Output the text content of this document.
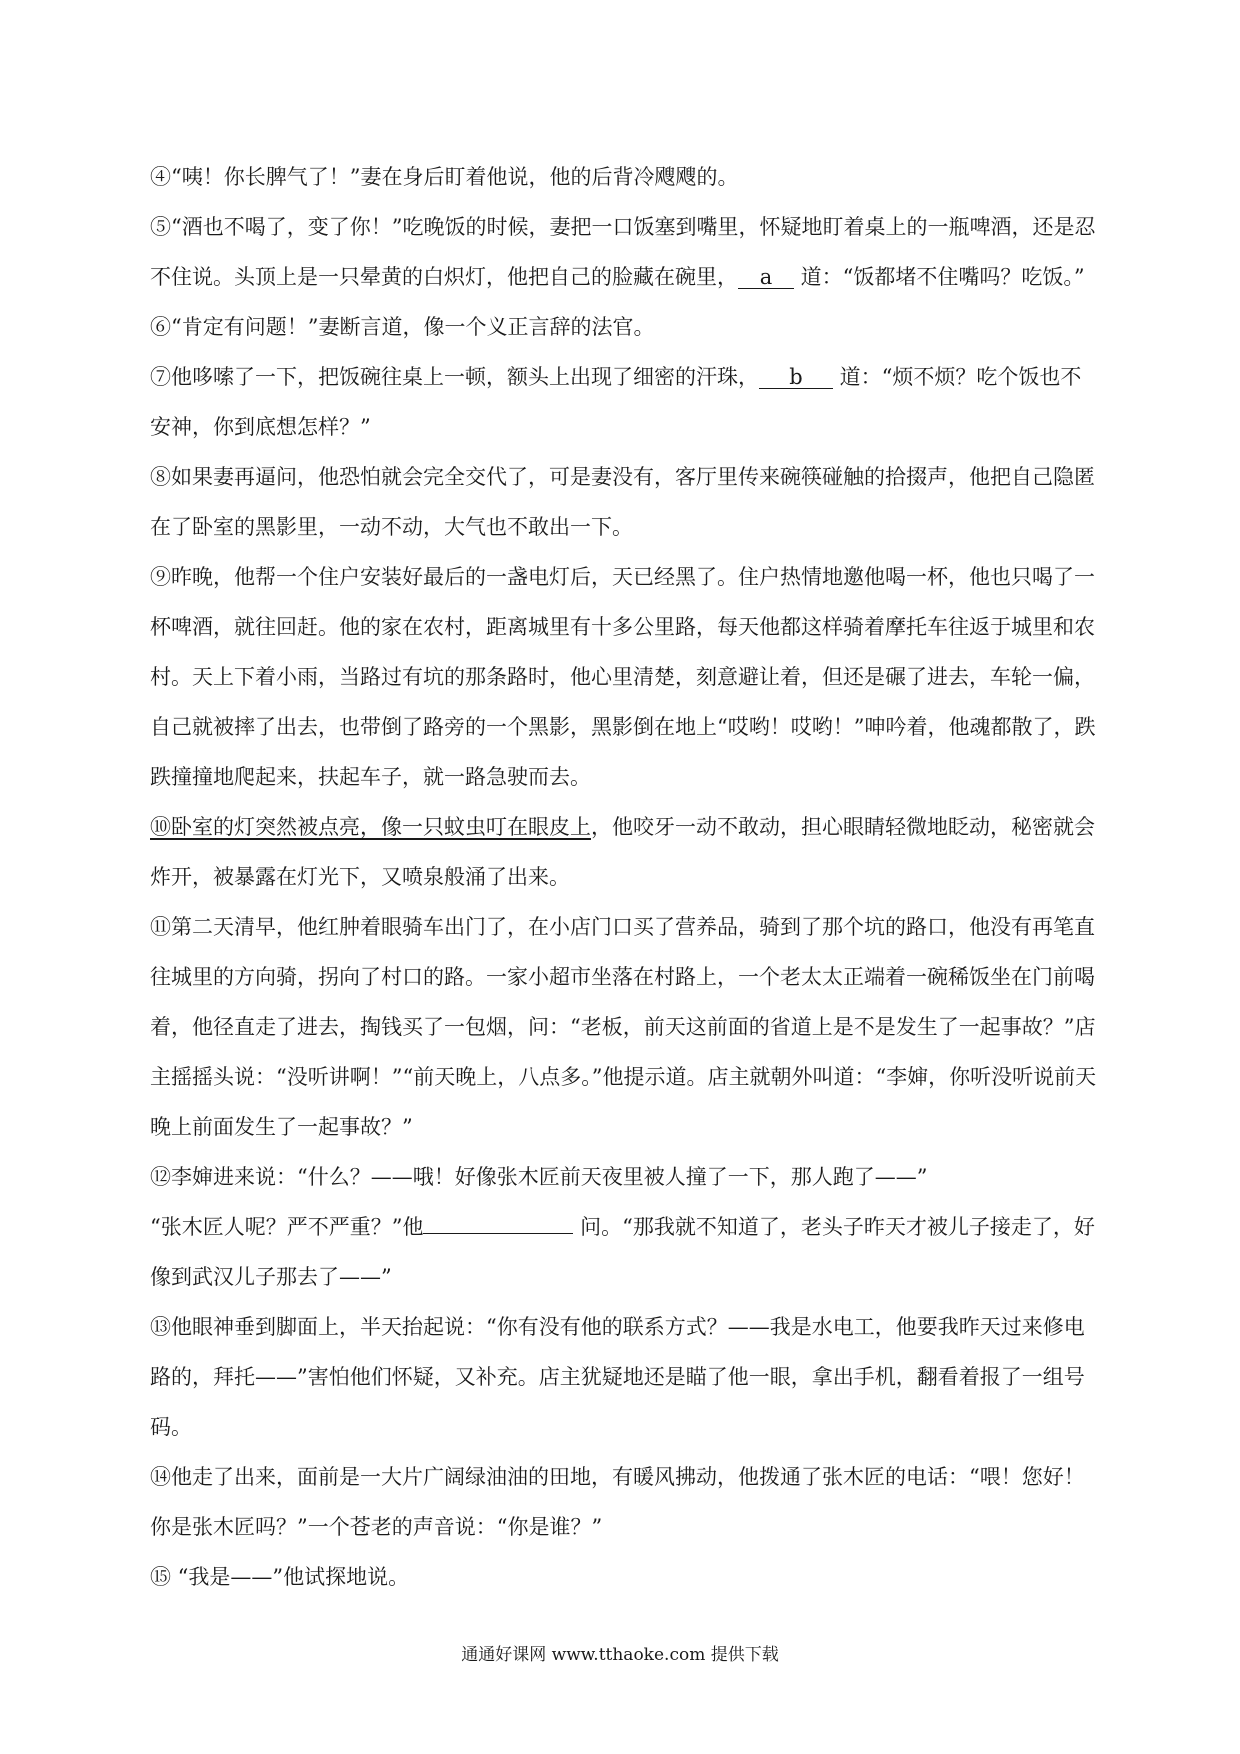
④“咦！你长脾气了！”妻在身后盯着他说，他的后背冷飕飕的。

⑤“酒也不喝了，变了你！”吃晚饭的时候，妻把一口饭塞到嘴里，怀疑地盯着桌上的一瓶啤酒，还是忍不住说。头顶上是一只晕黄的白炽灯，他把自己的脸藏在碗里， a 道：“饭都堵不住嘴吗？吃饭。”

⑥“肯定有问题！”妻断言道，像一个义正言辞的法官。

⑦他哆嗦了一下，把饭碗往桌上一顿，额头上出现了细密的汗珠， b 道：“烦不烦？吃个饭也不安神，你到底想怎样？”

⑧如果妻再逼问，他恐怕就会完全交代了，可是妻没有，客厅里传来碗筷碰触的拾掇声，他把自己隐匿在了卧室的黑影里，一动不动，大气也不敢出一下。

⑨昨晚，他帮一个住户安装好最后的一盏电灯后，天已经黑了。住户热情地邀他喝一杯，他也只喝了一杯啤酒，就往回赶。他的家在农村，距离城里有十多公里路，每天他都这样骑着摩托车往返于城里和农村。天上下着小雨，当路过有坑的那条路时，他心里清楚，刻意避让着，但还是碾了进去，车轮一偏，自己就被摔了出去，也带倒了路旁的一个黑影，黑影倒在地上“哎哟！哎哟！”呻吟着，他魂都散了，跌跌撞撞地爬起来，扶起车子，就一路急驶而去。

⑩卧室的灯突然被点亮，像一只蚊虫叮在眼皮上，他咬牙一动不敢动，担心眼睛轻微地眨动，秘密就会炸开，被暴露在灯光下，又喷泉般涌了出来。

⑪第二天清早，他红肿着眼骑车出门了，在小店门口买了营养品，骑到了那个坑的路口，他没有再笔直往城里的方向骑，拐向了村口的路。一家小超市坐落在村路上，一个老太太正端着一碗稀饭坐在门前喝着，他径直走了进去，掏钱买了一包烟，问：“老板，前天这前面的省道上是不是发生了一起事故？”店主摇摇头说：“没听讲啊！”“前天晚上，八点多。”他提示道。店主就朝外叫道：“李婶，你听没听说前天晚上前面发生了一起事故？”

⑫李婶进来说：“什么？——哦！好像张木匠前天夜里被人撞了一下，那人跑了——”
“张木匠人呢？严不严重？”他	问。“那我就不知道了，老头子昨天才被儿子接走了，好像到武汉儿子那去了——”

⑬他眼神垂到脚面上，半天抬起说：“你有没有他的联系方式？——我是水电工，他要我昨天过来修电路的，拜托——”害怕他们怀疑，又补充。店主犹疑地还是瞄了他一眼，拿出手机，翻看着报了一组号码。

⑭他走了出来，面前是一大片广阔绿油油的田地，有暖风拂动，他拨通了张木匠的电话：“喂！您好！你是张木匠吗？”一个苍老的声音说：“你是谁？”

⑮ “我是——”他试探地说。

通通好课网 www.tthaoke.com 提供下载
